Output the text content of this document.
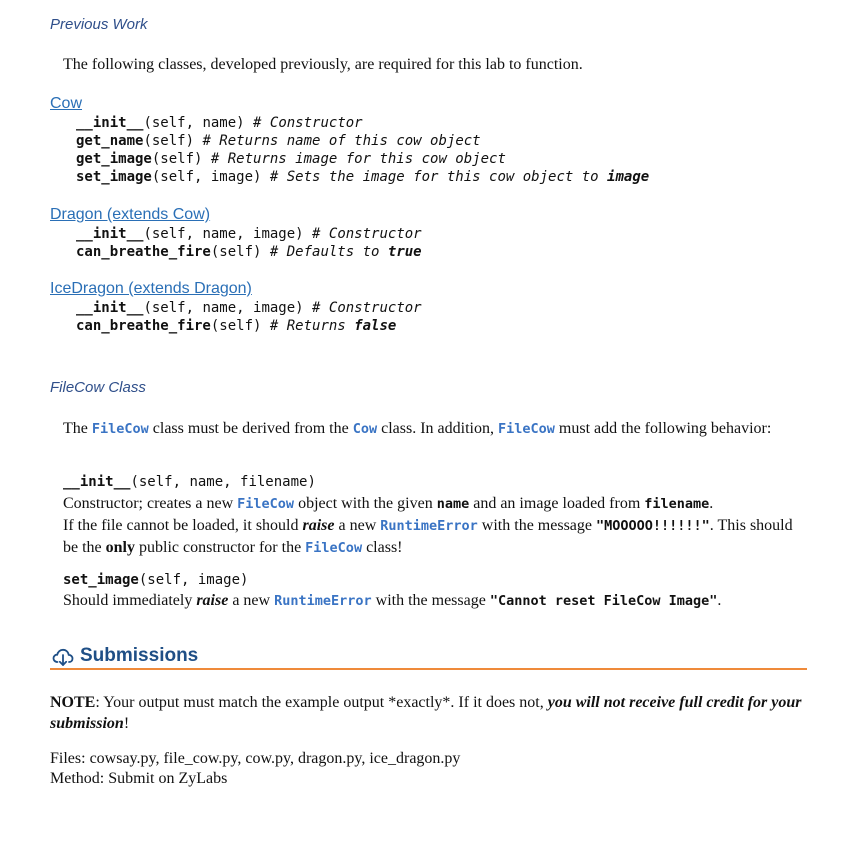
Previous Work
The following classes, developed previously, are required for this lab to function.
Cow
__init__(self, name) # Constructor
get_name(self) # Returns name of this cow object
get_image(self) # Returns image for this cow object
set_image(self, image) # Sets the image for this cow object to image
Dragon (extends Cow)
__init__(self, name, image) # Constructor
can_breathe_fire(self) # Defaults to true
IceDragon (extends Dragon)
__init__(self, name, image) # Constructor
can_breathe_fire(self) # Returns false
FileCow Class
The FileCow class must be derived from the Cow class. In addition, FileCow must add the following behavior:
__init__(self, name, filename)
Constructor; creates a new FileCow object with the given name and an image loaded from filename.
If the file cannot be loaded, it should raise a new RuntimeError with the message "MOOOOO!!!!!!". This should be the only public constructor for the FileCow class!
set_image(self, image)
Should immediately raise a new RuntimeError with the message "Cannot reset FileCow Image".
Submissions
NOTE: Your output must match the example output *exactly*. If it does not, you will not receive full credit for your submission!
Files: cowsay.py, file_cow.py, cow.py, dragon.py, ice_dragon.py
Method: Submit on ZyLabs
